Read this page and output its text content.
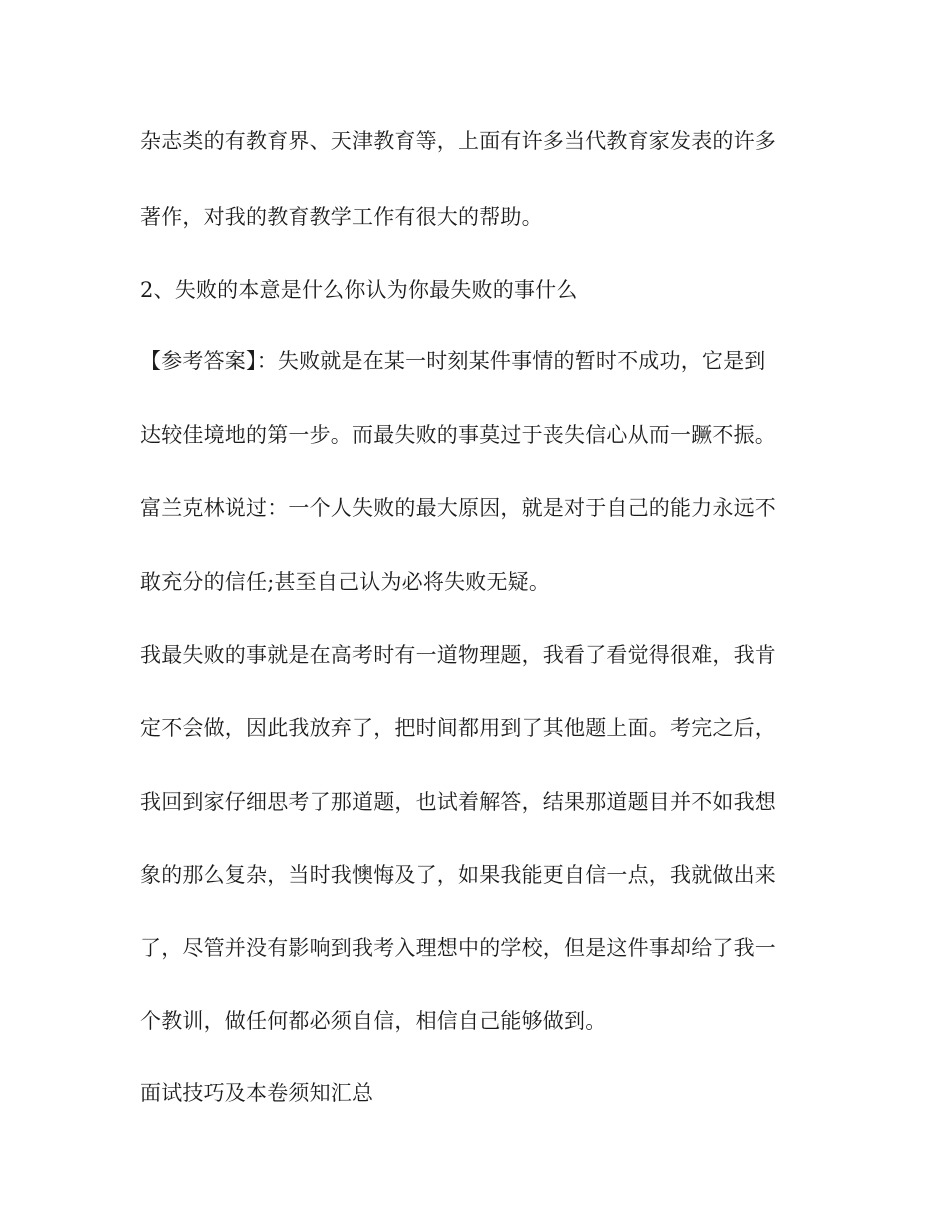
杂志类的有教育界、天津教育等，上面有许多当代教育家发表的许多
著作，对我的教育教学工作有很大的帮助。
2、失败的本意是什么你认为你最失败的事什么
【参考答案】：失败就是在某一时刻某件事情的暂时不成功，它是到
达较佳境地的第一步。而最失败的事莫过于丧失信心从而一蹶不振。
富兰克林说过：一个人失败的最大原因，就是对于自己的能力永远不
敢充分的信任;甚至自己认为必将失败无疑。
我最失败的事就是在高考时有一道物理题，我看了看觉得很难，我肯
定不会做，因此我放弃了，把时间都用到了其他题上面。考完之后，
我回到家仔细思考了那道题，也试着解答，结果那道题目并不如我想
象的那么复杂，当时我懊悔及了，如果我能更自信一点，我就做出来
了，尽管并没有影响到我考入理想中的学校，但是这件事却给了我一
个教训，做任何都必须自信，相信自己能够做到。
面试技巧及本卷须知汇总
